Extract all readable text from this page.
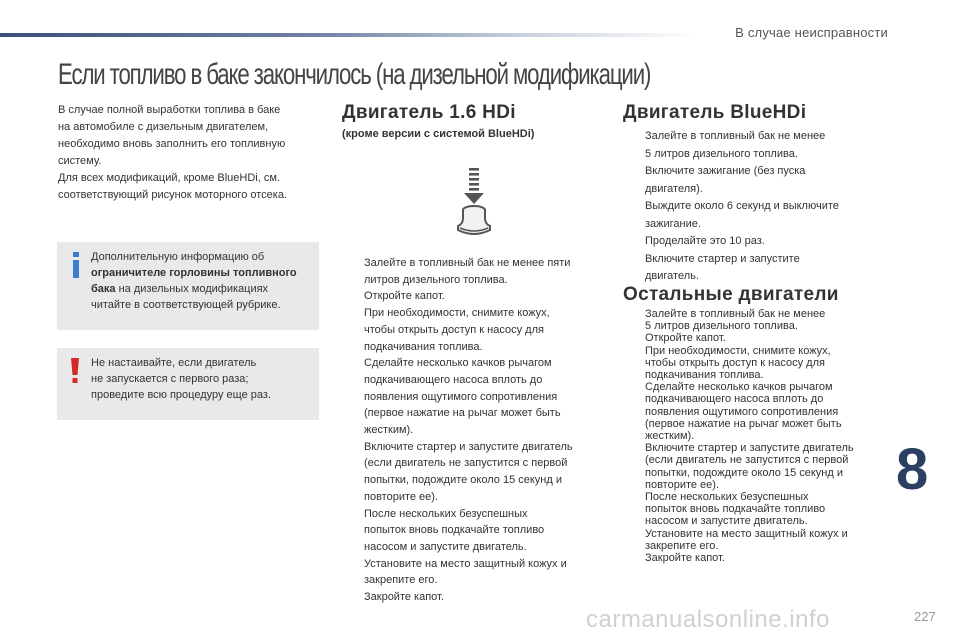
В случае неисправности
Если топливо в баке закончилось (на дизельной модификации)
В случае полной выработки топлива в баке
на автомобиле с дизельным двигателем,
необходимо вновь заполнить его топливную
систему.
Для всех модификаций, кроме BlueHDi, см.
соответствующий рисунок моторного отсека.
Дополнительную информацию об
ограничителе горловины топливного
бака на дизельных модификациях
читайте в соответствующей рубрике.
Не настаивайте, если двигатель
не запускается с первого раза;
проведите всю процедуру еще раз.
Двигатель 1.6 HDi
(кроме версии с системой BlueHDi)
Залейте в топливный бак не менее пяти
литров дизельного топлива.
Откройте капот.
При необходимости, снимите кожух,
чтобы открыть доступ к насосу для
подкачивания топлива.
Сделайте несколько качков рычагом
подкачивающего насоса вплоть до
появления ощутимого сопротивления
(первое нажатие на рычаг может быть
жестким).
Включите стартер и запустите двигатель
(если двигатель не запустится с первой
попытки, подождите около 15 секунд и
повторите ее).
После нескольких безуспешных
попыток вновь подкачайте топливо
насосом и запустите двигатель.
Установите на место защитный кожух и
закрепите его.
Закройте капот.
Двигатель BlueHDi
Залейте в топливный бак не менее
5 литров дизельного топлива.
Включите зажигание (без пуска
двигателя).
Выждите около 6 секунд и выключите
зажигание.
Проделайте это 10 раз.
Включите стартер и запустите
двигатель.
Остальные двигатели
Залейте в топливный бак не менее
5 литров дизельного топлива.
Откройте капот.
При необходимости, снимите кожух,
чтобы открыть доступ к насосу для
подкачивания топлива.
Сделайте несколько качков рычагом
подкачивающего насоса вплоть до
появления ощутимого сопротивления
(первое нажатие на рычаг может быть
жестким).
Включите стартер и запустите двигатель
(если двигатель не запустится с первой
попытки, подождите около 15 секунд и
повторите ее).
После нескольких безуспешных
попыток вновь подкачайте топливо
насосом и запустите двигатель.
Установите на место защитный кожух и
закрепите его.
Закройте капот.
8
carmanualsonline.info	227
